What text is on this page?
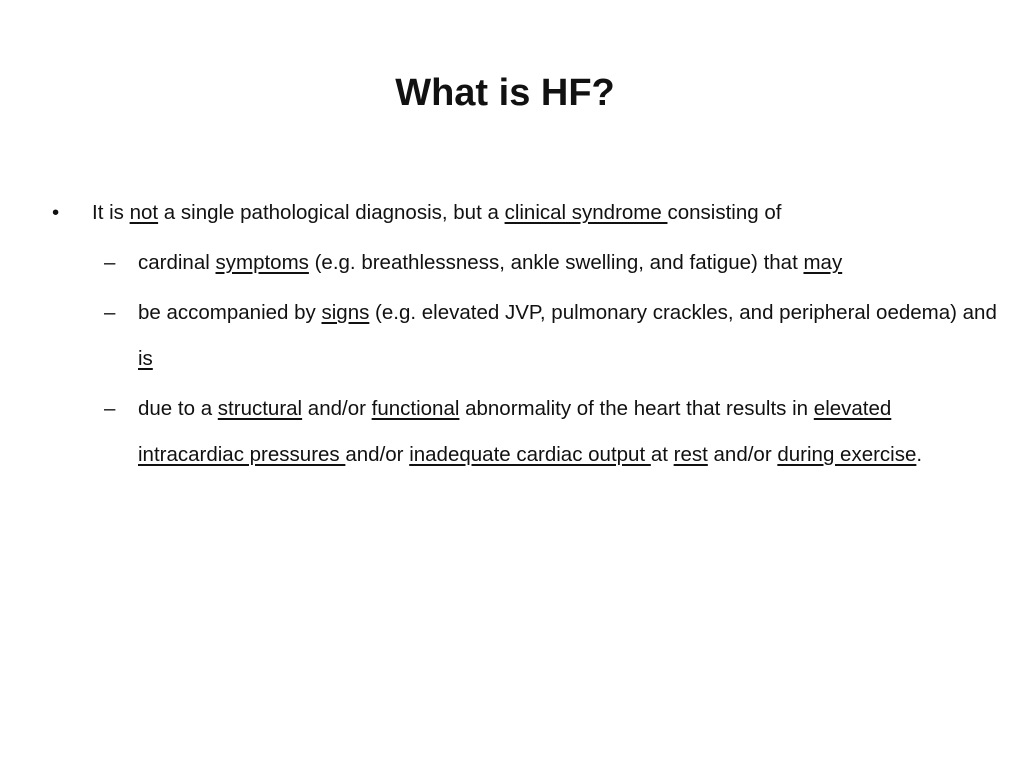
What is HF?
•	It is not a single pathological diagnosis, but a clinical syndrome consisting of
–	cardinal symptoms (e.g. breathlessness, ankle swelling, and fatigue) that may
–	be accompanied by signs (e.g. elevated JVP, pulmonary crackles, and peripheral oedema) and is
–	due to a structural and/or functional abnormality of the heart that results in elevated intracardiac pressures and/or inadequate cardiac output at rest and/or during exercise.
